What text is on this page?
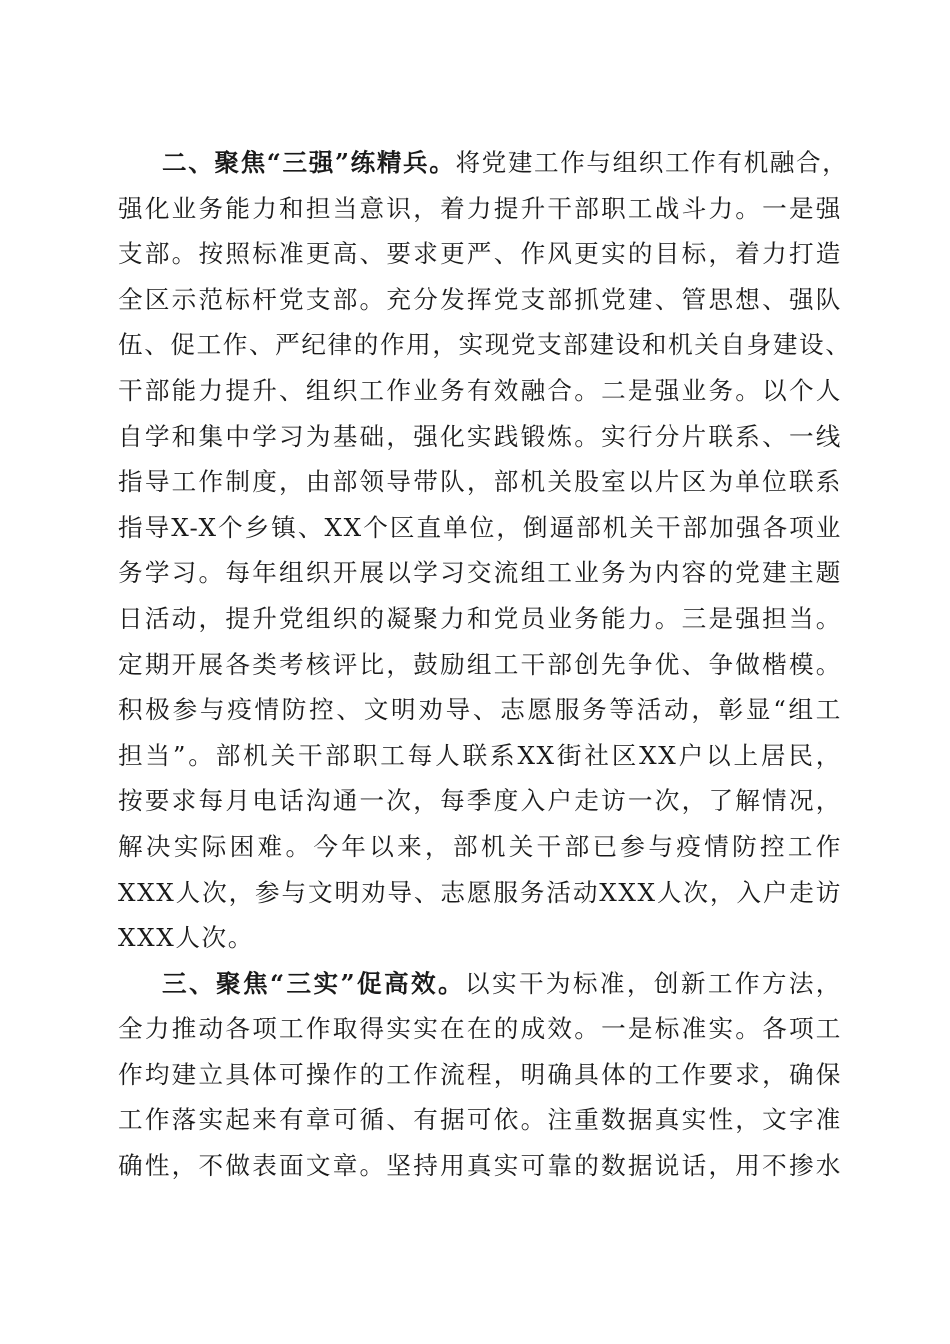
二、聚焦“三强”练精兵。将党建工作与组织工作有机融合，
强化业务能力和担当意识，着力提升干部职工战斗力。一是强
支部。按照标准更高、要求更严、作风更实的目标，着力打造
全区示范标杆党支部。充分发挥党支部抓党建、管思想、强队
伍、促工作、严纪律的作用，实现党支部建设和机关自身建设、
干部能力提升、组织工作业务有效融合。二是强业务。以个人
自学和集中学习为基础，强化实践锻炼。实行分片联系、一线
指导工作制度，由部领导带队，部机关股室以片区为单位联系
指导X-X个乡镇、XX个区直单位，倒逼部机关干部加强各项业
务学习。每年组织开展以学习交流组工业务为内容的党建主题
日活动，提升党组织的凝聚力和党员业务能力。三是强担当。
定期开展各类考核评比，鼓励组工干部创先争优、争做楷模。
积极参与疫情防控、文明劝导、志愿服务等活动，彰显“组工
担当”。部机关干部职工每人联系XX街社区XX户以上居民，
按要求每月电话沟通一次，每季度入户走访一次，了解情况，
解决实际困难。今年以来，部机关干部已参与疫情防控工作
XXX人次，参与文明劝导、志愿服务活动XXX人次，入户走访
XXX人次。
三、聚焦“三实”促高效。以实干为标准，创新工作方法，
全力推动各项工作取得实实在在的成效。一是标准实。各项工
作均建立具体可操作的工作流程，明确具体的工作要求，确保
工作落实起来有章可循、有据可依。注重数据真实性，文字准
确性，不做表面文章。坚持用真实可靠的数据说话，用不掺水
